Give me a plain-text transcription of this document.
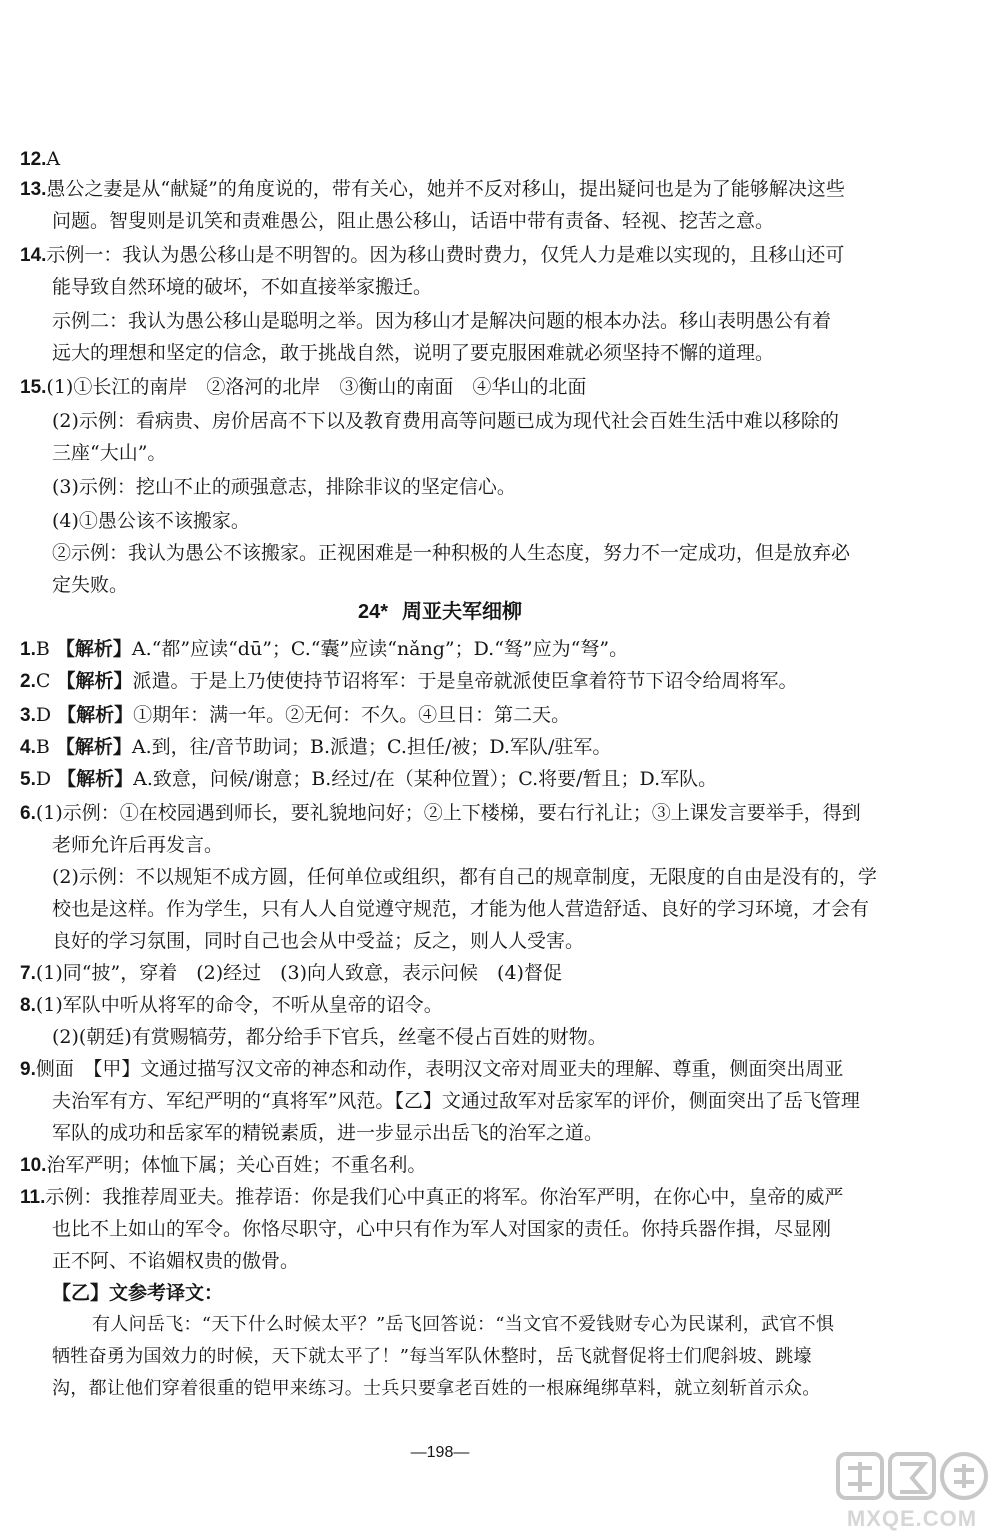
12.A
13.愚公之妻是从“献疑”的角度说的，带有关心，她并不反对移山，提出疑问也是为了能够解决这些
问题。智叟则是讥笑和责难愚公，阻止愚公移山，话语中带有责备、轻视、挖苦之意。
14.示例一：我认为愚公移山是不明智的。因为移山费时费力，仅凭人力是难以实现的，且移山还可
能导致自然环境的破坏，不如直接举家搬迁。
示例二：我认为愚公移山是聪明之举。因为移山才是解决问题的根本办法。移山表明愚公有着
远大的理想和坚定的信念，敢于挑战自然，说明了要克服困难就必须坚持不懈的道理。
15.(1)①长江的南岸　②洛河的北岸　③衡山的南面　④华山的北面
(2)示例：看病贵、房价居高不下以及教育费用高等问题已成为现代社会百姓生活中难以移除的
三座“大山”。
(3)示例：挖山不止的顽强意志，排除非议的坚定信心。
(4)①愚公该不该搬家。
②示例：我认为愚公不该搬家。正视困难是一种积极的人生态度，努力不一定成功，但是放弃必
定失败。
24* 周亚夫军细柳
1.B 【解析】A.“都”应读“dū”；C.“囊”应读“nǎng”；D.“驽”应为“弩”。
2.C 【解析】派遣。于是上乃使使持节诏将军：于是皇帝就派使臣拿着符节下诏令给周将军。
3.D 【解析】①期年：满一年。②无何：不久。④旦日：第二天。
4.B 【解析】A.到，往/音节助词；B.派遣；C.担任/被；D.军队/驻军。
5.D 【解析】A.致意，问候/谢意；B.经过/在（某种位置）；C.将要/暂且；D.军队。
6.(1)示例：①在校园遇到师长，要礼貌地问好；②上下楼梯，要右行礼让；③上课发言要举手，得到
老师允许后再发言。
(2)示例：不以规矩不成方圆，任何单位或组织，都有自己的规章制度，无限度的自由是没有的，学
校也是这样。作为学生，只有人人自觉遵守规范，才能为他人营造舒适、良好的学习环境，才会有
良好的学习氛围，同时自己也会从中受益；反之，则人人受害。
7.(1)同“披”，穿着　(2)经过　(3)向人致意，表示问候　(4)督促
8.(1)军队中听从将军的命令，不听从皇帝的诏令。
(2)(朝廷)有赏赐犒劳，都分给手下官兵，丝毫不侵占百姓的财物。
9.侧面　【甲】文通过描写汉文帝的神态和动作，表明汉文帝对周亚夫的理解、尊重，侧面突出周亚
夫治军有方、军纪严明的“真将军”风范。【乙】文通过敌军对岳家军的评价，侧面突出了岳飞管理
军队的成功和岳家军的精锐素质，进一步显示出岳飞的治军之道。
10.治军严明；体恤下属；关心百姓；不重名利。
11.示例：我推荐周亚夫。推荐语：你是我们心中真正的将军。你治军严明，在你心中，皇帝的威严
也比不上如山的军令。你恪尽职守，心中只有作为军人对国家的责任。你持兵器作揖，尽显刚
正不阿、不谄媚权贵的傲骨。
【乙】文参考译文：
有人问岳飞：“天下什么时候太平？”岳飞回答说：“当文官不爱钱财专心为民谋利，武官不惧
牺牲奋勇为国效力的时候，天下就太平了！”每当军队休整时，岳飞就督促将士们爬斜坡、跳壕
沟，都让他们穿着很重的铠甲来练习。士兵只要拿老百姓的一根麻绳绑草料，就立刻斩首示众。
—198—
MXQE.COM
